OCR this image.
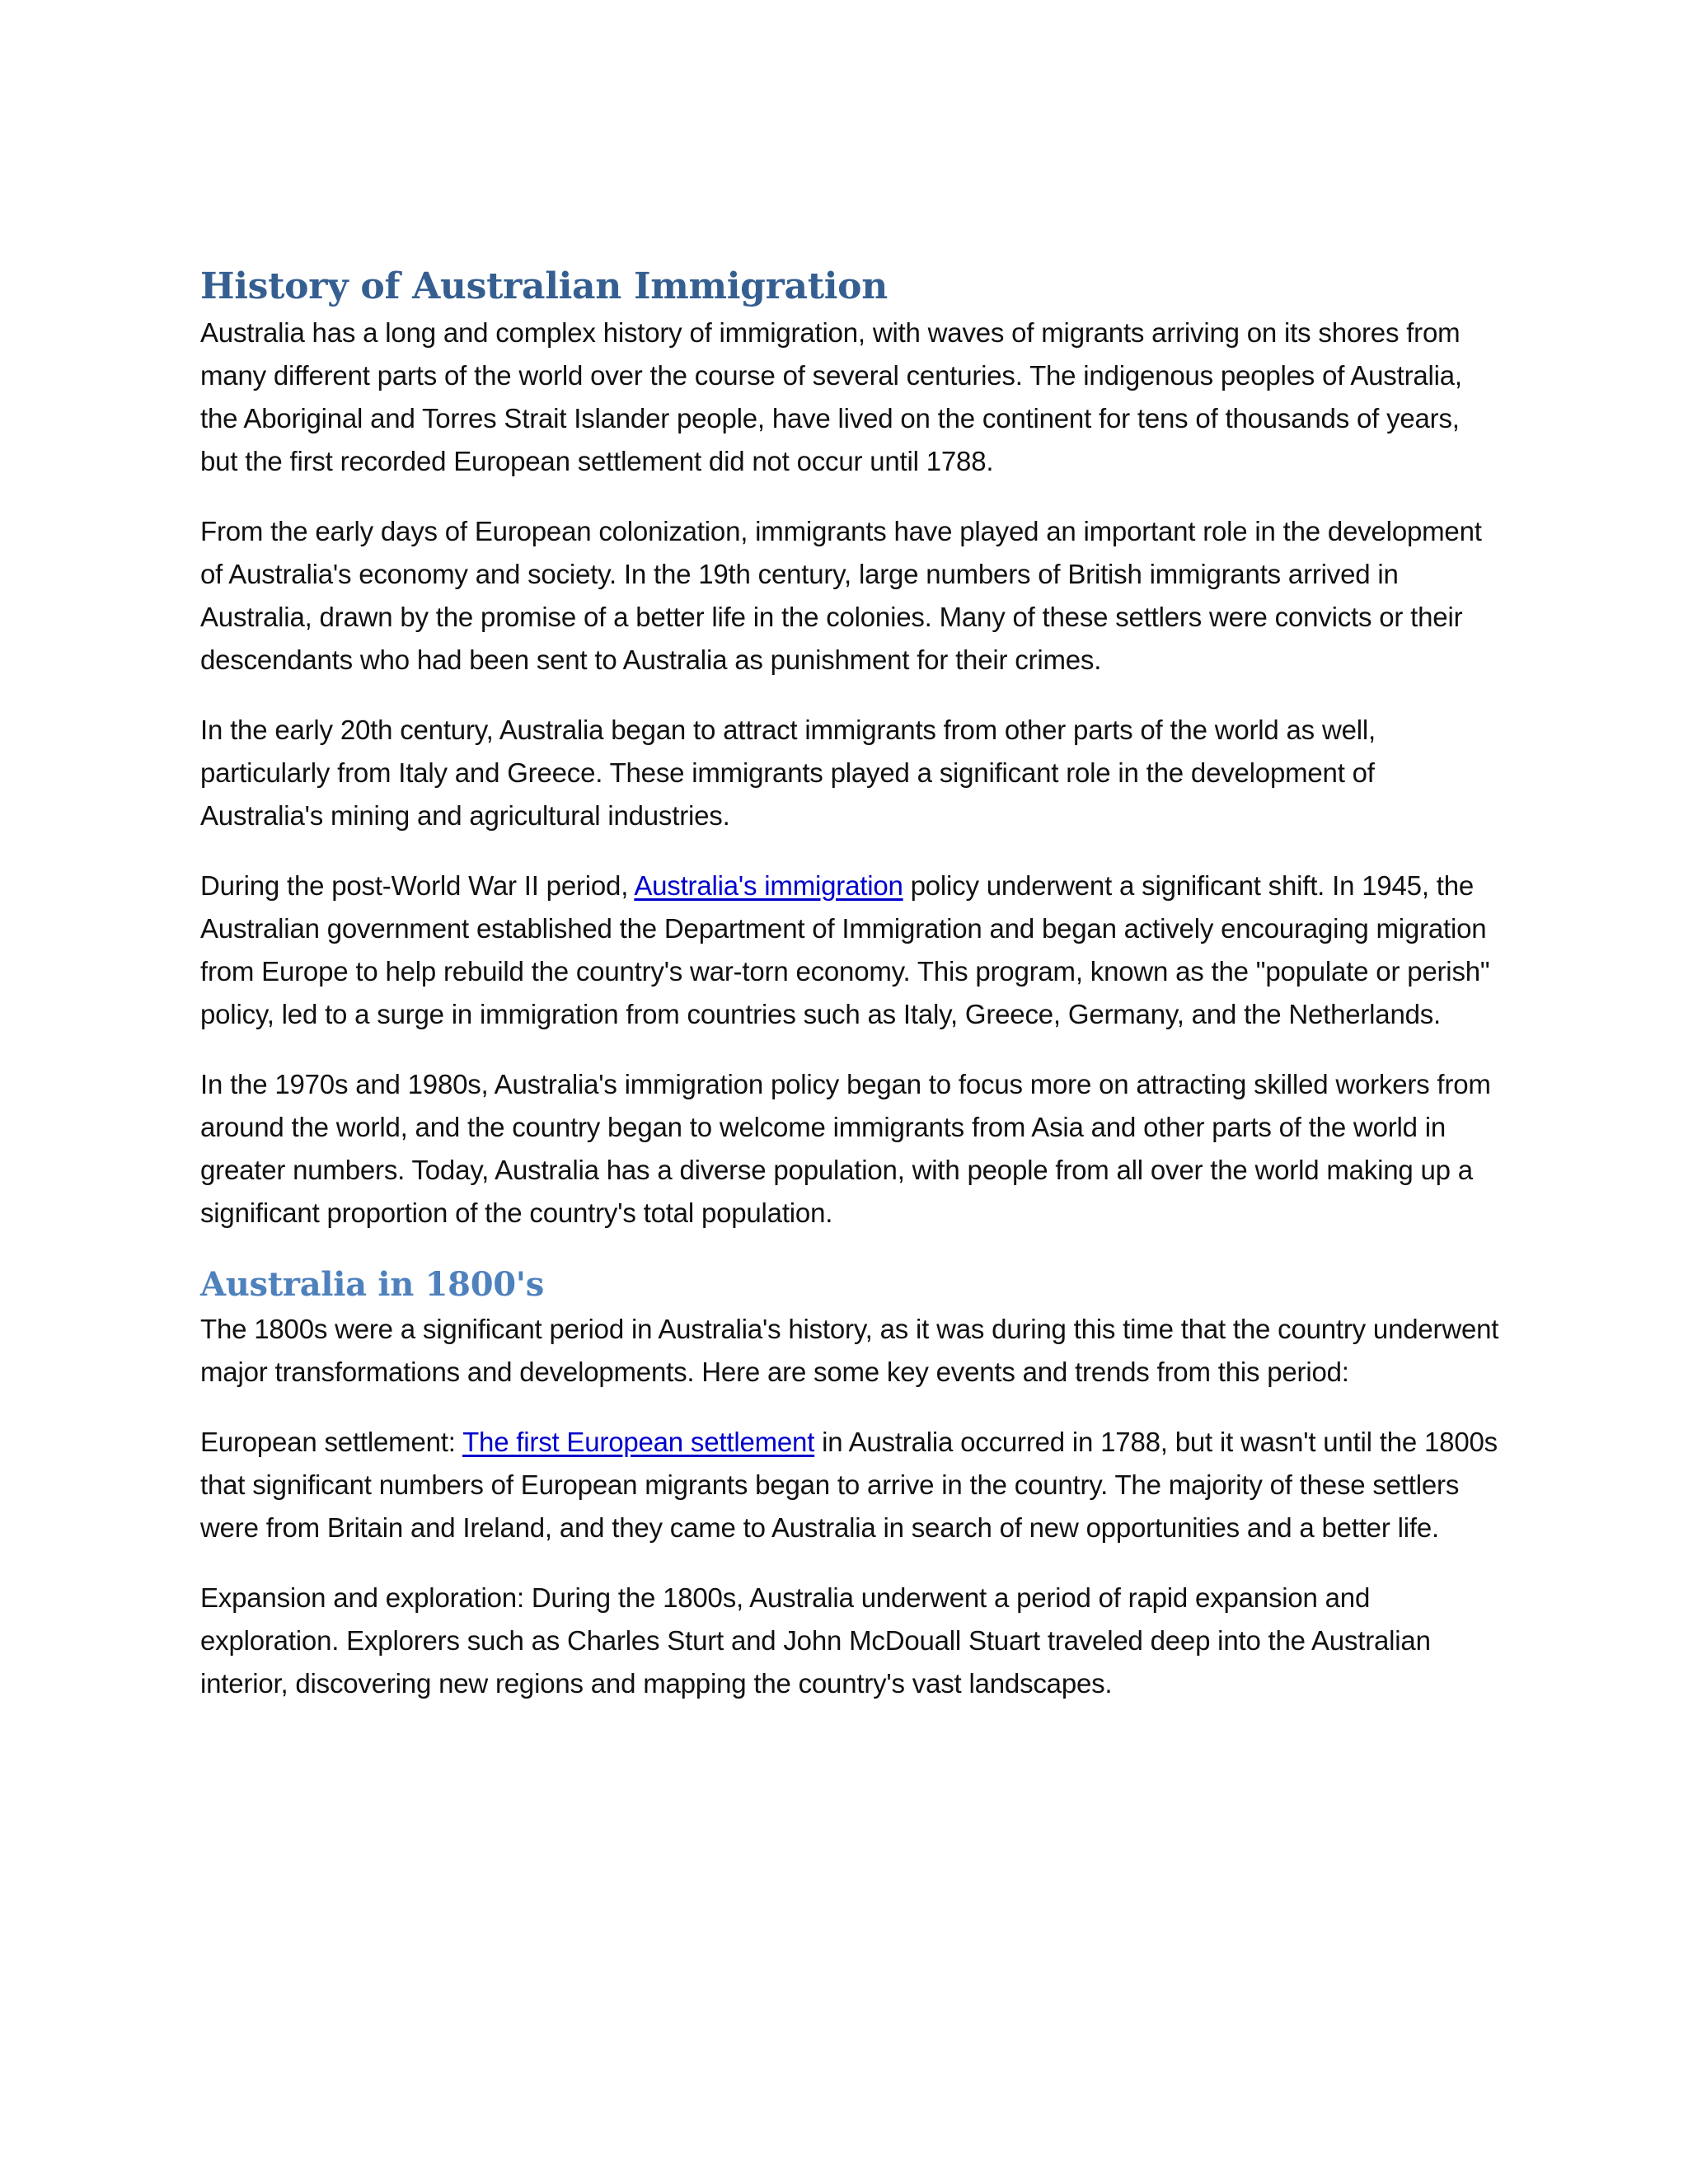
History of Australian Immigration

Australia has a long and complex history of immigration, with waves of migrants arriving on its shores from many different parts of the world over the course of several centuries. The indigenous peoples of Australia, the Aboriginal and Torres Strait Islander people, have lived on the continent for tens of thousands of years, but the first recorded European settlement did not occur until 1788.

From the early days of European colonization, immigrants have played an important role in the development of Australia's economy and society. In the 19th century, large numbers of British immigrants arrived in Australia, drawn by the promise of a better life in the colonies. Many of these settlers were convicts or their descendants who had been sent to Australia as punishment for their crimes.

In the early 20th century, Australia began to attract immigrants from other parts of the world as well, particularly from Italy and Greece. These immigrants played a significant role in the development of Australia's mining and agricultural industries.

During the post-World War II period, Australia's immigration policy underwent a significant shift. In 1945, the Australian government established the Department of Immigration and began actively encouraging migration from Europe to help rebuild the country's war-torn economy. This program, known as the "populate or perish" policy, led to a surge in immigration from countries such as Italy, Greece, Germany, and the Netherlands.

In the 1970s and 1980s, Australia's immigration policy began to focus more on attracting skilled workers from around the world, and the country began to welcome immigrants from Asia and other parts of the world in greater numbers. Today, Australia has a diverse population, with people from all over the world making up a significant proportion of the country's total population.

Australia in 1800's

The 1800s were a significant period in Australia's history, as it was during this time that the country underwent major transformations and developments. Here are some key events and trends from this period:

European settlement: The first European settlement in Australia occurred in 1788, but it wasn't until the 1800s that significant numbers of European migrants began to arrive in the country. The majority of these settlers were from Britain and Ireland, and they came to Australia in search of new opportunities and a better life.

Expansion and exploration: During the 1800s, Australia underwent a period of rapid expansion and exploration. Explorers such as Charles Sturt and John McDouall Stuart traveled deep into the Australian interior, discovering new regions and mapping the country's vast landscapes.
